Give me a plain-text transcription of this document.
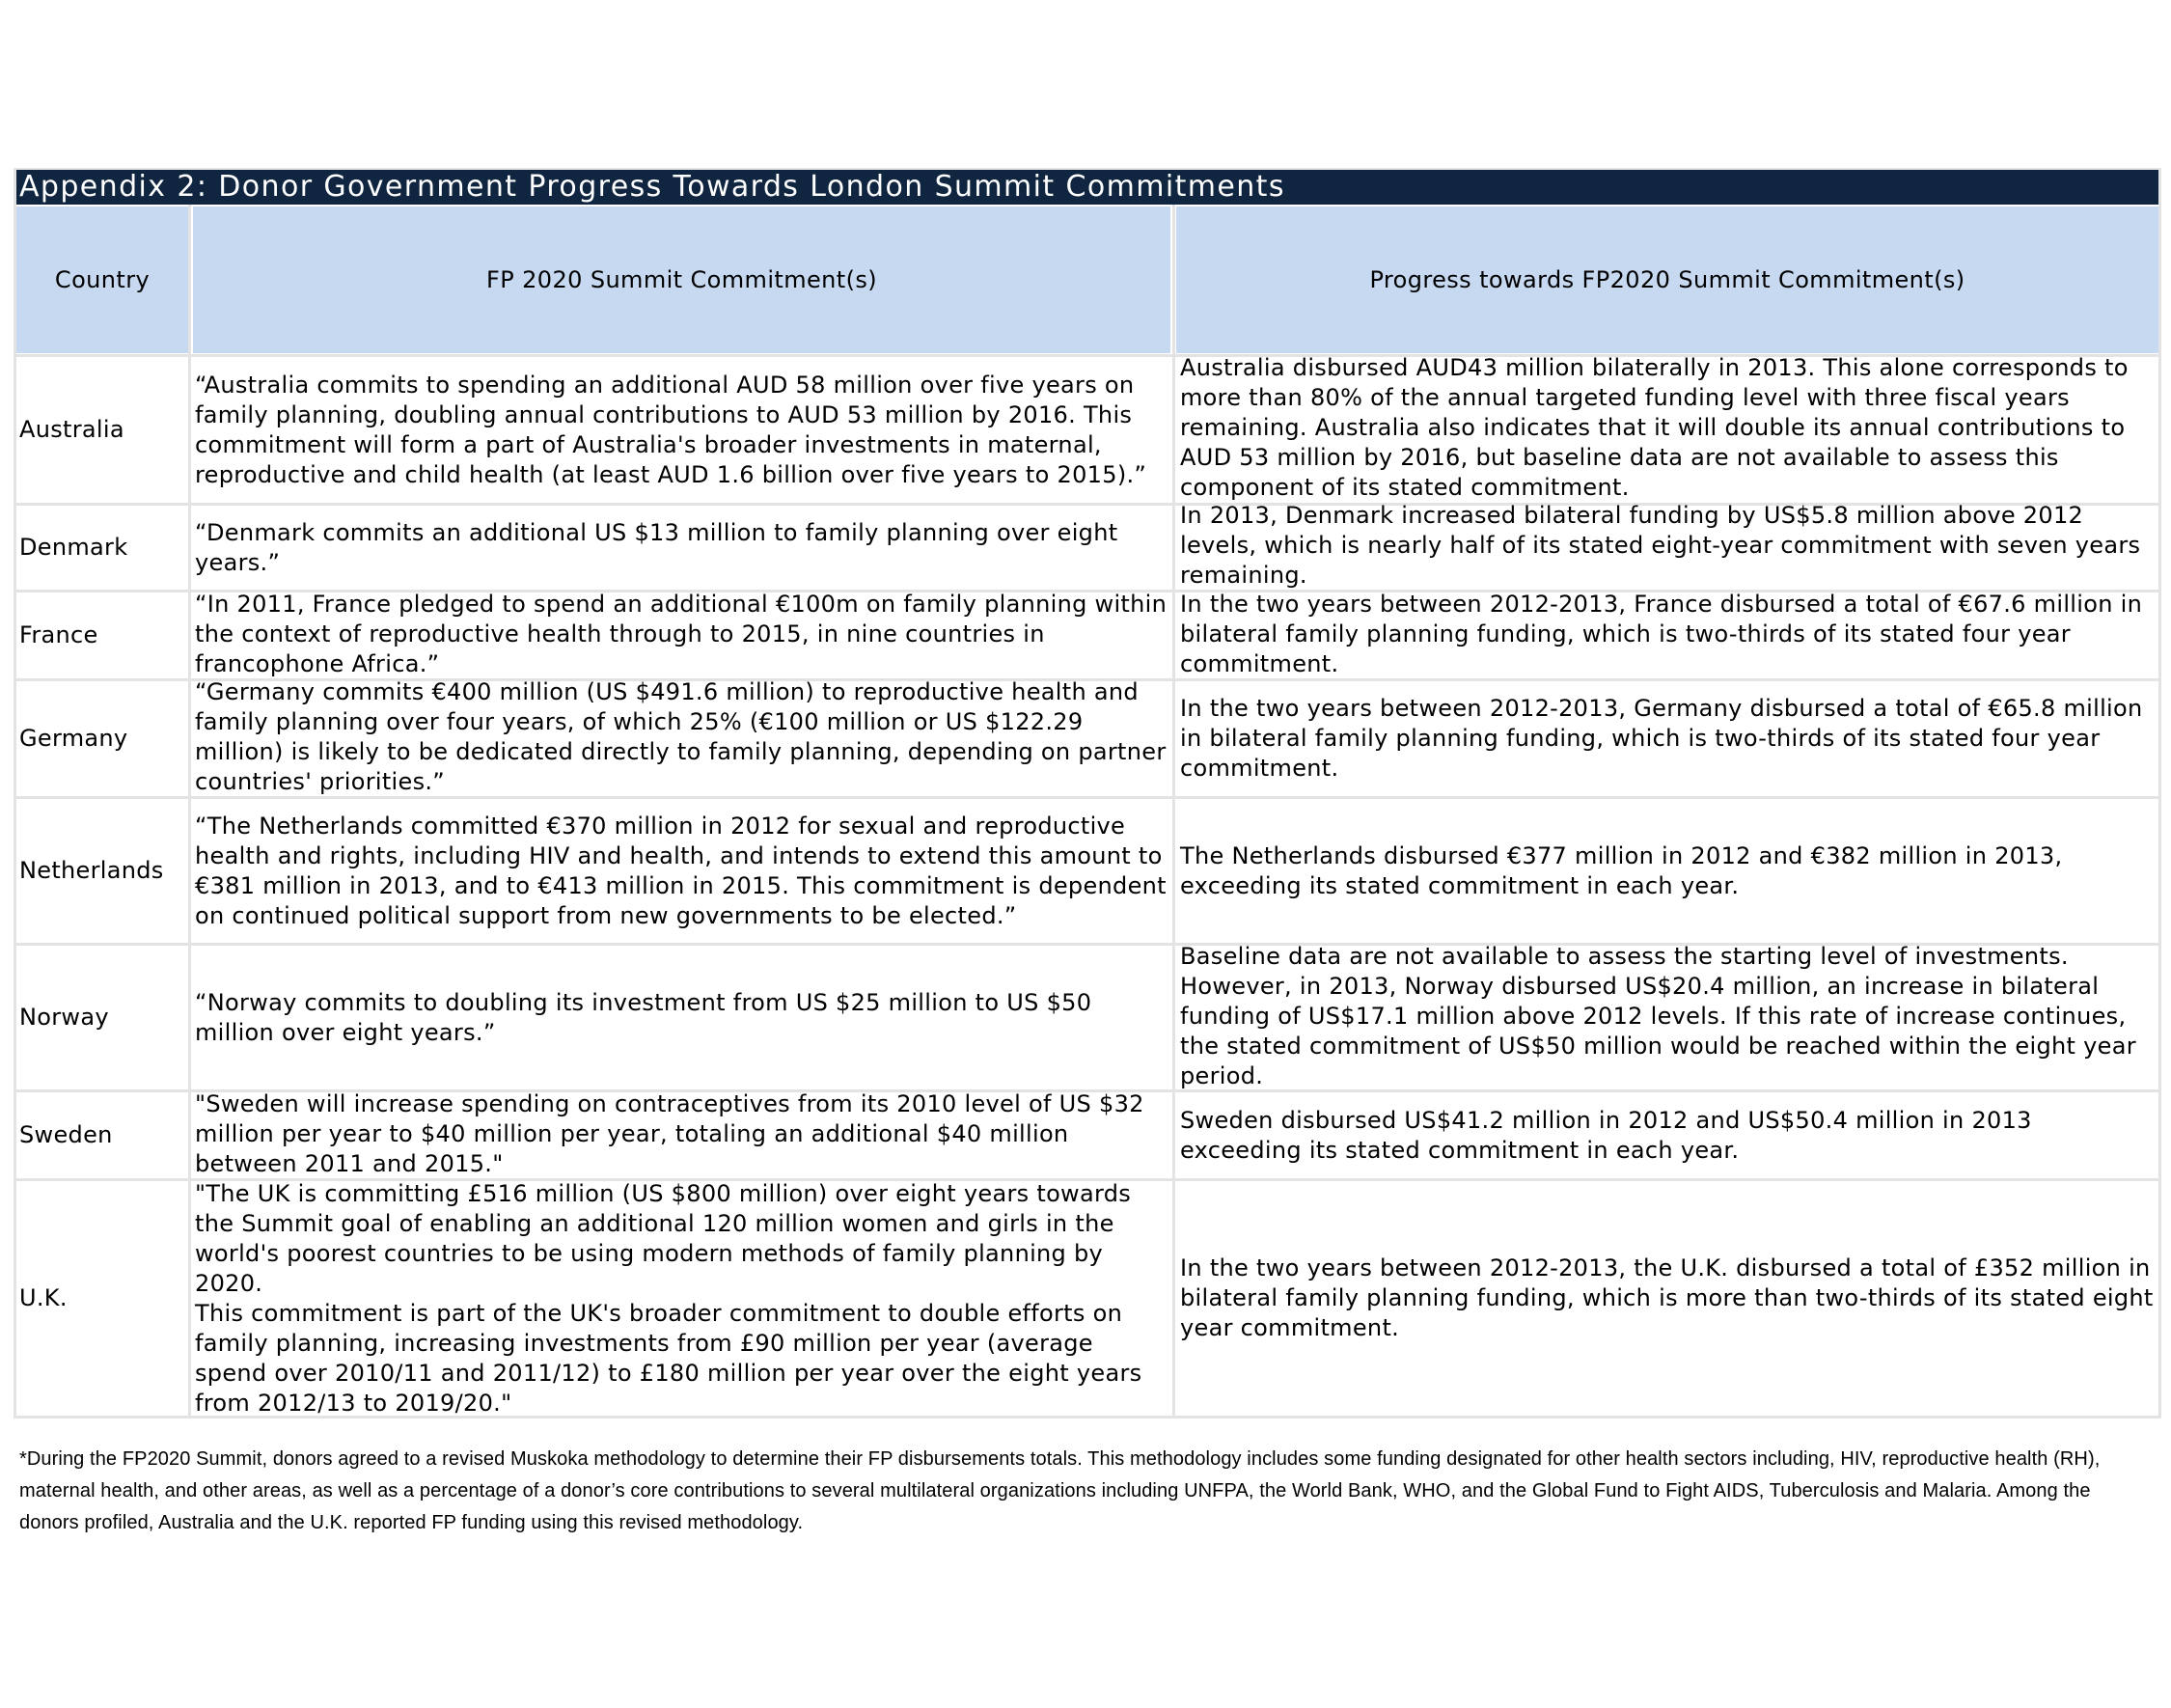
Appendix 2: Donor Government Progress Towards London Summit Commitments
Country	FP 2020 Summit Commitment(s)	Progress towards FP2020 Summit Commitment(s)
Australia
“Australia commits to spending an additional AUD 58 million over five years on family planning, doubling annual contributions to AUD 53 million by 2016. This commitment will form a part of Australia's broader investments in maternal, reproductive and child health (at least AUD 1.6 billion over five years to 2015).”
Australia disbursed AUD43 million bilaterally in 2013. This alone corresponds to more than 80% of the annual targeted funding level with three fiscal years remaining. Australia also indicates that it will double its annual contributions to AUD 53 million by 2016, but baseline data are not available to assess this component of its stated commitment.
Denmark
“Denmark commits an additional US $13 million to family planning over eight years.”
In 2013, Denmark increased bilateral funding by US$5.8 million above 2012 levels, which is nearly half of its stated eight-year commitment with seven years remaining.
France
“In 2011, France pledged to spend an additional €100m on family planning within the context of reproductive health through to 2015, in nine countries in francophone Africa.”
In the two years between 2012-2013, France disbursed a total of €67.6 million in bilateral family planning funding, which is two-thirds of its stated four year commitment.
Germany
“Germany commits €400 million (US $491.6 million) to reproductive health and family planning over four years, of which 25% (€100 million or US $122.29 million) is likely to be dedicated directly to family planning, depending on partner countries' priorities.”
In the two years between 2012-2013, Germany disbursed a total of €65.8 million in bilateral family planning funding, which is two-thirds of its stated four year commitment.
Netherlands
“The Netherlands committed €370 million in 2012 for sexual and reproductive health and rights, including HIV and health, and intends to extend this amount to €381 million in 2013, and to €413 million in 2015. This commitment is dependent on continued political support from new governments to be elected.”
The Netherlands disbursed €377 million in 2012 and €382 million in 2013, exceeding its stated commitment in each year.
Norway
“Norway commits to doubling its investment from US $25 million to US $50 million over eight years.”
Baseline data are not available to assess the starting level of investments. However, in 2013, Norway disbursed US$20.4 million, an increase in bilateral funding of US$17.1 million above 2012 levels. If this rate of increase continues, the stated commitment of US$50 million would be reached within the eight year period.
Sweden
"Sweden will increase spending on contraceptives from its 2010 level of US $32 million per year to $40 million per year, totaling an additional $40 million between 2011 and 2015."
Sweden disbursed US$41.2 million in 2012 and US$50.4 million in 2013 exceeding its stated commitment in each year.
U.K.
"The UK is committing £516 million (US $800 million) over eight years towards the Summit goal of enabling an additional 120 million women and girls in the world's poorest countries to be using modern methods of family planning by 2020.
This commitment is part of the UK's broader commitment to double efforts on family planning, increasing investments from £90 million per year (average spend over 2010/11 and 2011/12) to £180 million per year over the eight years from 2012/13 to 2019/20."
In the two years between 2012-2013, the U.K. disbursed a total of £352 million in bilateral family planning funding, which is more than two-thirds of its stated eight year commitment.
*During the FP2020 Summit, donors agreed to a revised Muskoka methodology to determine their FP disbursements totals. This methodology includes some funding designated for other health sectors including, HIV, reproductive health (RH), maternal health, and other areas, as well as a percentage of a donor’s core contributions to several multilateral organizations including UNFPA, the World Bank, WHO, and the Global Fund to Fight AIDS, Tuberculosis and Malaria. Among the donors profiled, Australia and the U.K. reported FP funding using this revised methodology.
